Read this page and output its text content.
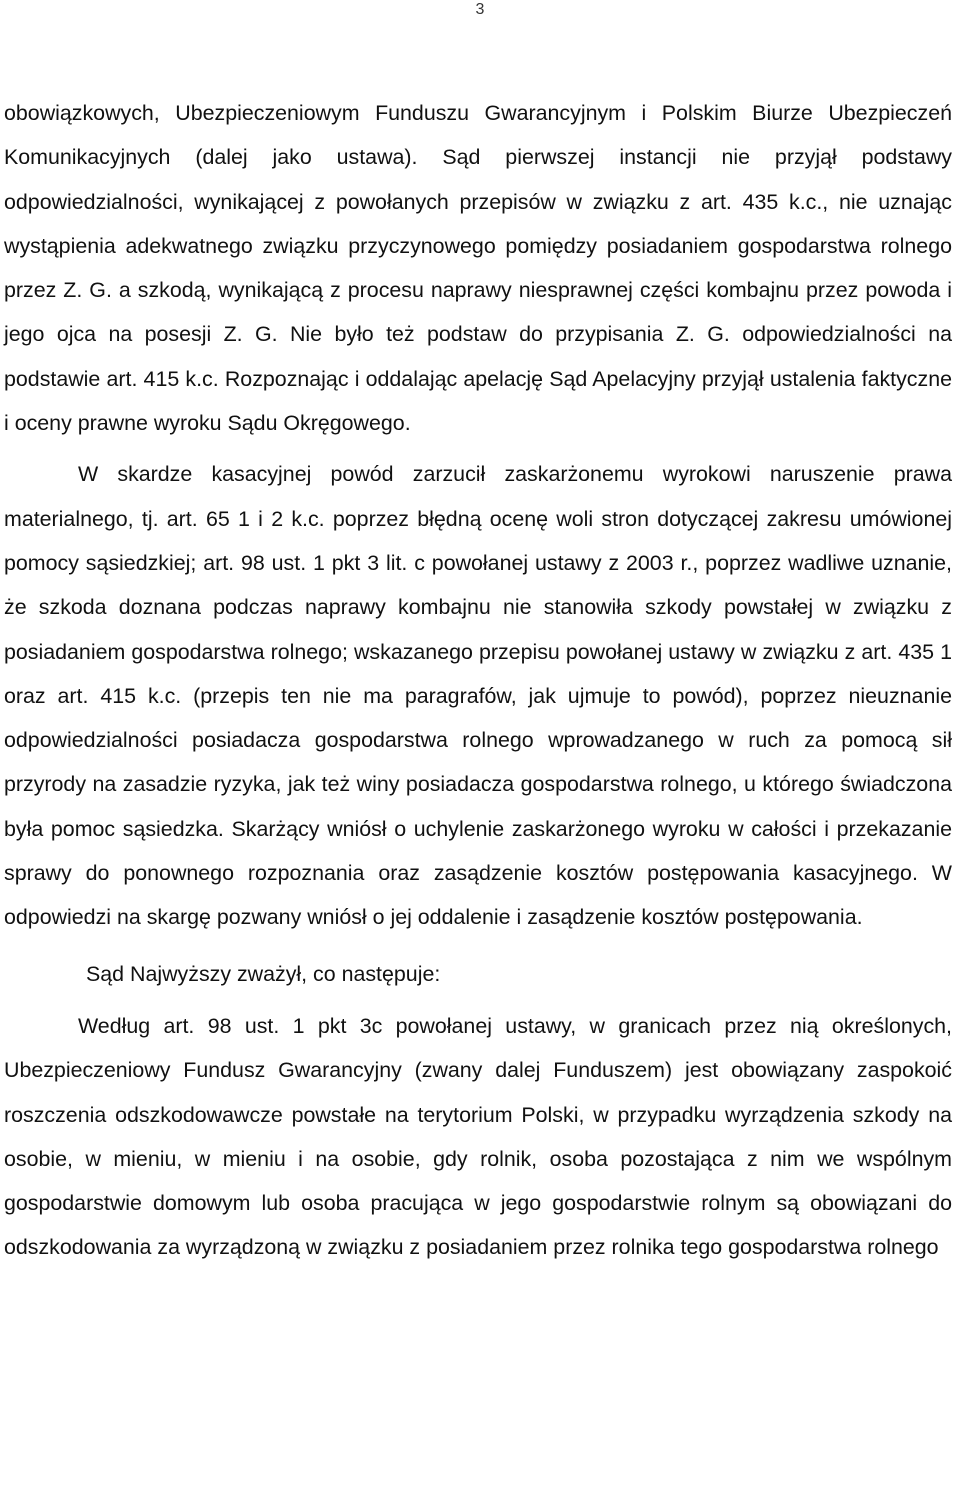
3

obowiązkowych, Ubezpieczeniowym Funduszu Gwarancyjnym i Polskim Biurze Ubezpieczeń Komunikacyjnych (dalej jako ustawa). Sąd pierwszej instancji nie przyjął podstawy odpowiedzialności, wynikającej z powołanych przepisów w związku z art. 435 k.c., nie uznając wystąpienia adekwatnego związku przyczynowego pomiędzy posiadaniem gospodarstwa rolnego przez Z. G. a szkodą, wynikającą z procesu naprawy niesprawnej części kombajnu przez powoda i jego ojca na posesji Z. G. Nie było też podstaw do przypisania Z. G. odpowiedzialności na podstawie art. 415 k.c. Rozpoznając i oddalając apelację Sąd Apelacyjny przyjął ustalenia faktyczne i oceny prawne wyroku Sądu Okręgowego.

W skardze kasacyjnej powód zarzucił zaskarżonemu wyrokowi naruszenie prawa materialnego, tj. art. 65 1 i 2 k.c. poprzez błędną ocenę woli stron dotyczącej zakresu umówionej pomocy sąsiedzkiej; art. 98 ust. 1 pkt 3 lit. c powołanej ustawy z 2003 r., poprzez wadliwe uznanie, że szkoda doznana podczas naprawy kombajnu nie stanowiła szkody powstałej w związku z posiadaniem gospodarstwa rolnego; wskazanego przepisu powołanej ustawy w związku z art. 435 1 oraz art. 415 k.c. (przepis ten nie ma paragrafów, jak ujmuje to powód), poprzez nieuznanie odpowiedzialności posiadacza gospodarstwa rolnego wprowadzanego w ruch za pomocą sił przyrody na zasadzie ryzyka, jak też winy posiadacza gospodarstwa rolnego, u którego świadczona była pomoc sąsiedzka. Skarżący wniósł o uchylenie zaskarżonego wyroku w całości i przekazanie sprawy do ponownego rozpoznania oraz zasądzenie kosztów postępowania kasacyjnego. W odpowiedzi na skargę pozwany wniósł o jej oddalenie i zasądzenie kosztów postępowania.

Sąd Najwyższy zważył, co następuje:

Według art. 98 ust. 1 pkt 3c powołanej ustawy, w granicach przez nią określonych, Ubezpieczeniowy Fundusz Gwarancyjny (zwany dalej Funduszem) jest obowiązany zaspokoić roszczenia odszkodowawcze powstałe na terytorium Polski, w przypadku wyrządzenia szkody na osobie, w mieniu, w mieniu i na osobie, gdy rolnik, osoba pozostająca z nim we wspólnym gospodarstwie domowym lub osoba pracująca w jego gospodarstwie rolnym są obowiązani do odszkodowania za wyrządzoną w związku z posiadaniem przez rolnika tego gospodarstwa rolnego
